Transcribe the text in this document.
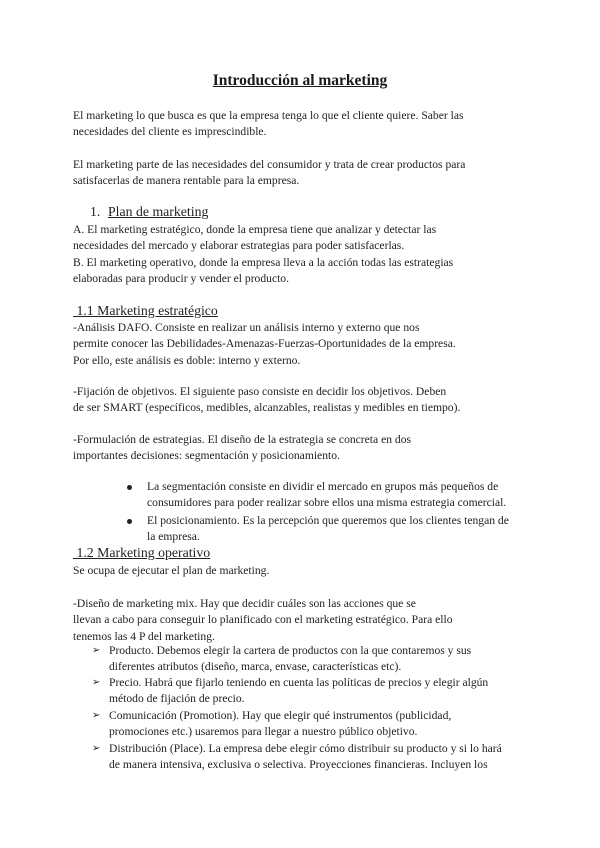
Introducción al marketing

El marketing lo que busca es que la empresa tenga lo que el cliente quiere. Saber las

necesidades del cliente es imprescindible.

El marketing parte de las necesidades del consumidor y trata de crear productos para

satisfacerlas de manera rentable para la empresa.

1. Plan de marketing

A. El marketing estratégico, donde la empresa tiene que analizar y detectar las

necesidades del mercado y elaborar estrategias para poder satisfacerlas.

B. El marketing operativo, donde la empresa lleva a la acción todas las estrategias

elaboradas para producir y vender el producto.

1.1 Marketing estratégico

-Análisis DAFO. Consiste en realizar un análisis interno y externo que nos

permite conocer las Debilidades-Amenazas-Fuerzas-Oportunidades de la empresa.

Por ello, este análisis es doble: interno y externo.

-Fijación de objetivos. El siguiente paso consiste en decidir los objetivos. Deben

de ser SMART (específicos, medibles, alcanzables, realistas y medibles en tiempo).

-Formulación de estrategias. El diseño de la estrategia se concreta en dos

importantes decisiones: segmentación y posicionamiento.

La segmentación consiste en dividir el mercado en grupos más pequeños de
consumidores para poder realizar sobre ellos una misma estrategia comercial.
El posicionamiento. Es la percepción que queremos que los clientes tengan de
la empresa.
1.2 Marketing operativo

Se ocupa de ejecutar el plan de marketing.

-Diseño de marketing mix. Hay que decidir cuáles son las acciones que se

llevan a cabo para conseguir lo planificado con el marketing estratégico. Para ello

tenemos las 4 P del marketing.

➢ Producto. Debemos elegir la cartera de productos con la que contaremos y sus
diferentes atributos (diseño, marca, envase, características etc).
➢ Precio. Habrá que fijarlo teniendo en cuenta las políticas de precios y elegir algún
método de fijación de precio.
➢ Comunicación (Promotion). Hay que elegir qué instrumentos (publicidad,
promociones etc.) usaremos para llegar a nuestro público objetivo.
➢ Distribución (Place). La empresa debe elegir cómo distribuir su producto y si lo hará
de manera intensiva, exclusiva o selectiva. Proyecciones financieras. Incluyen los
